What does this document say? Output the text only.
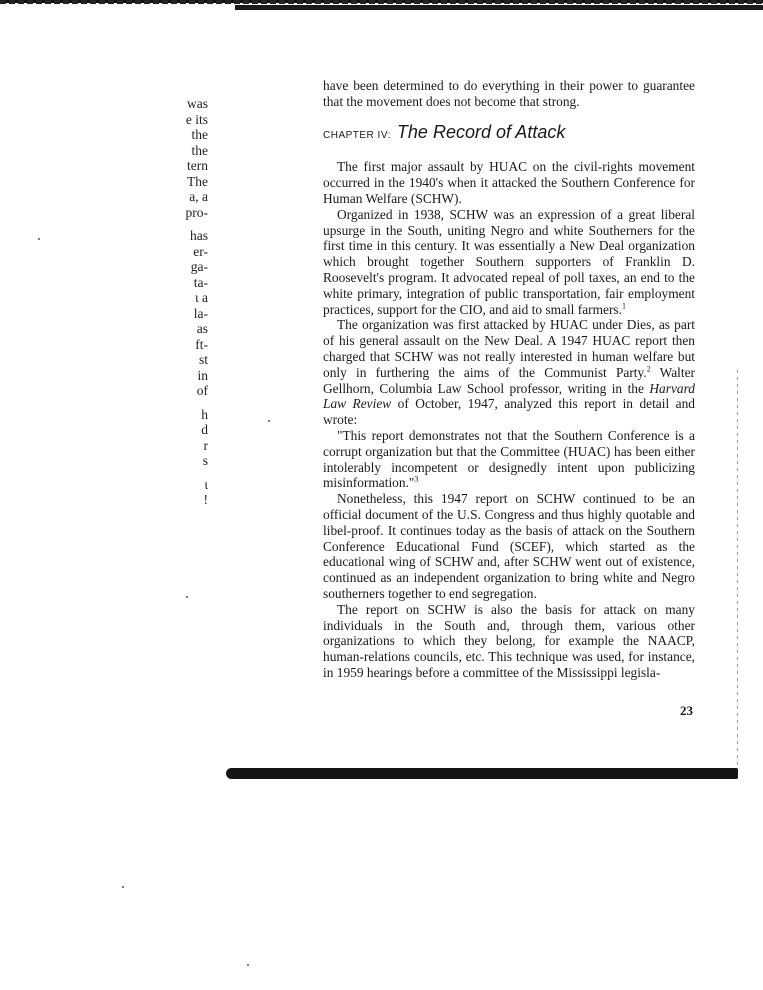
was
e its
the
the
tern
The
a, a
pro-
has
er-
ga-
ta-
ι a
la-
as
ft-
st
in
of
h
d
r
s
ι
!

have been determined to do everything in their power to guarantee that the movement does not become that strong.

CHAPTER IV: The Record of Attack

The first major assault by HUAC on the civil-rights movement occurred in the 1940's when it attacked the Southern Conference for Human Welfare (SCHW).

Organized in 1938, SCHW was an expression of a great liberal upsurge in the South, uniting Negro and white Southerners for the first time in this century. It was essentially a New Deal organization which brought together Southern supporters of Franklin D. Roosevelt's program. It advocated repeal of poll taxes, an end to the white primary, integration of public transportation, fair employment practices, support for the CIO, and aid to small farmers.$^1$

The organization was first attacked by HUAC under Dies, as part of his general assault on the New Deal. A 1947 HUAC report then charged that SCHW was not really interested in human welfare but only in furthering the aims of the Communist Party.$^2$ Walter Gellhorn, Columbia Law School professor, writing in the Harvard Law Review of October, 1947, analyzed this report in detail and wrote:

"This report demonstrates not that the Southern Conference is a corrupt organization but that the Committee (HUAC) has been either intolerably incompetent or designedly intent upon publicizing misinformation."$^3$

Nonetheless, this 1947 report on SCHW continued to be an official document of the U.S. Congress and thus highly quotable and libel-proof. It continues today as the basis of attack on the Southern Conference Educational Fund (SCEF), which started as the educational wing of SCHW and, after SCHW went out of existence, continued as an independent organization to bring white and Negro southerners together to end segregation.

The report on SCHW is also the basis for attack on many individuals in the South and, through them, various other organizations to which they belong, for example the NAACP, human-relations councils, etc. This technique was used, for instance, in 1959 hearings before a committee of the Mississippi legisla-

23
